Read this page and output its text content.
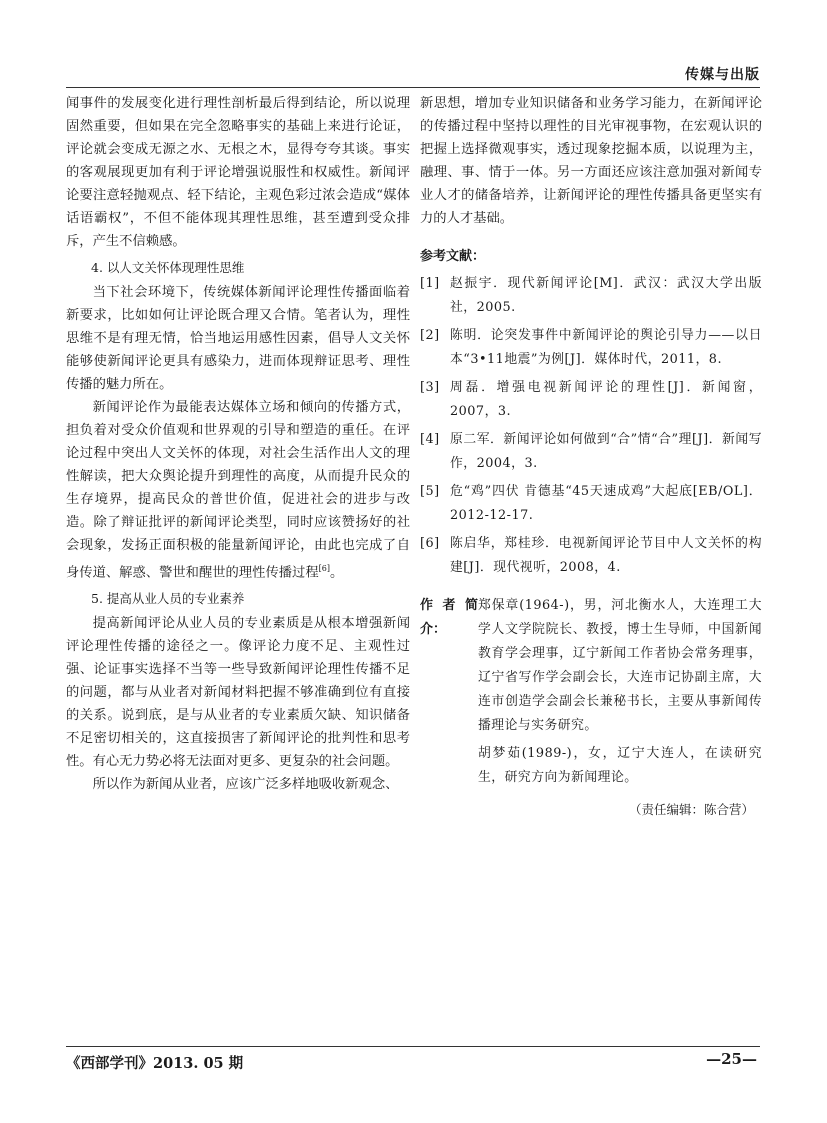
传媒与出版

闻事件的发展变化进行理性剖析最后得到结论，所以说理固然重要，但如果在完全忽略事实的基础上来进行论证，评论就会变成无源之水、无根之木，显得夸夸其谈。事实的客观展现更加有利于评论增强说服性和权威性。新闻评论要注意轻抛观点、轻下结论，主观色彩过浓会造成“媒体话语霸权”，不但不能体现其理性思维，甚至遭到受众排斥，产生不信赖感。

4. 以人文关怀体现理性思维

当下社会环境下，传统媒体新闻评论理性传播面临着新要求，比如如何让评论既合理又合情。笔者认为，理性思维不是有理无情，恰当地运用感性因素，倡导人文关怀能够使新闻评论更具有感染力，进而体现辩证思考、理性传播的魅力所在。

新闻评论作为最能表达媒体立场和倾向的传播方式，担负着对受众价值观和世界观的引导和塑造的重任。在评论过程中突出人文关怀的体现，对社会生活作出人文的理性解读，把大众舆论提升到理性的高度，从而提升民众的生存境界，提高民众的普世价值，促进社会的进步与改造。除了辩证批评的新闻评论类型，同时应该赞扬好的社会现象，发扬正面积极的能量新闻评论，由此也完成了自身传道、解惑、警世和醒世的理性传播过程[6]。

5. 提高从业人员的专业素养

提高新闻评论从业人员的专业素质是从根本增强新闻评论理性传播的途径之一。像评论力度不足、主观性过强、论证事实选择不当等一些导致新闻评论理性传播不足的问题，都与从业者对新闻材料把握不够准确到位有直接的关系。说到底，是与从业者的专业素质欠缺、知识储备不足密切相关的，这直接损害了新闻评论的批判性和思考性。有心无力势必将无法面对更多、更复杂的社会问题。

所以作为新闻从业者，应该广泛多样地吸收新观念、

新思想，增加专业知识储备和业务学习能力，在新闻评论的传播过程中坚持以理性的目光审视事物，在宏观认识的把握上选择微观事实，透过现象挖掘本质，以说理为主，融理、事、情于一体。另一方面还应该注意加强对新闻专业人才的储备培养，让新闻评论的理性传播具备更坚实有力的人才基础。

参考文献：
[1] 赵振宇．现代新闻评论[M]．武汉：武汉大学出版社，2005.
[2] 陈明．论突发事件中新闻评论的舆论引导力——以日本“3•11地震”为例[J]．媒体时代，2011，8.
[3] 周磊．增强电视新闻评论的理性[J]．新闻窗，2007，3.
[4] 原二军．新闻评论如何做到“合”情“合”理[J]．新闻写作，2004，3.
[5] 危“鸡”四伏 肯德基“45天速成鸡”大起底[EB/OL]．2012-12-17.
[6] 陈启华，郑桂珍．电视新闻评论节目中人文关怀的构建[J]．现代视听，2008，4.
作者简介：

郑保章(1964-)，男，河北衡水人，大连理工大学人文学院院长、教授，博士生导师，中国新闻教育学会理事，辽宁新闻工作者协会常务理事，辽宁省写作学会副会长，大连市记协副主席，大连市创造学会副会长兼秘书长，主要从事新闻传播理论与实务研究。

胡梦茹(1989-)，女，辽宁大连人，在读研究生，研究方向为新闻理论。

（责任编辑：陈合营）
《西部学刊》2013. 05 期	—25—
